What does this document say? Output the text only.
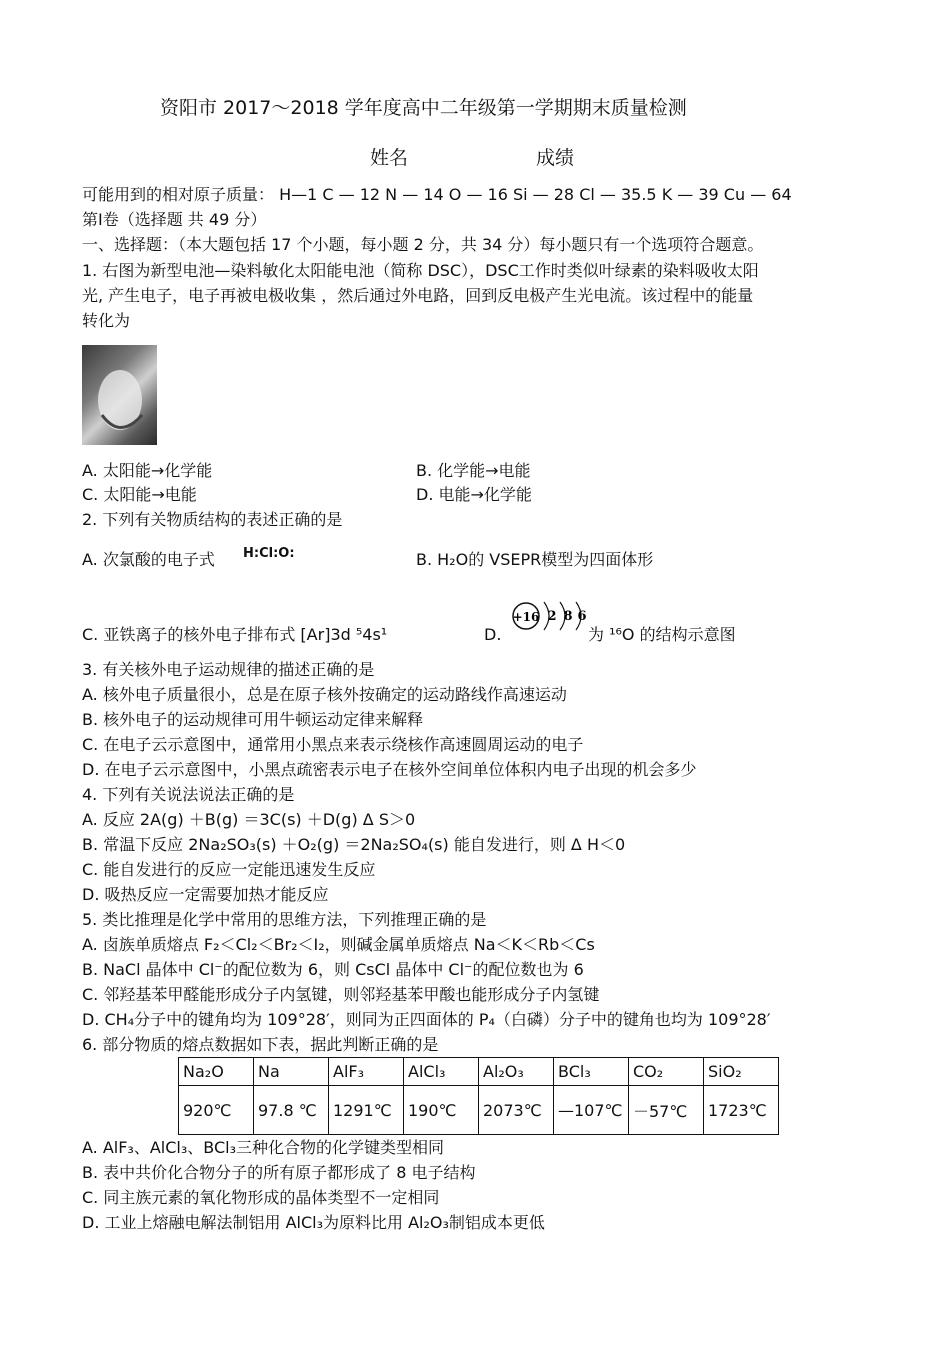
资阳市 2017～2018 学年度高中二年级第一学期期末质量检测
姓名	成绩
可能用到的相对原子质量： H—1 C — 12 N — 14 O — 16 Si — 28 Cl — 35.5 K — 39 Cu — 64
第Ⅰ卷（选择题 共 49 分）
一、选择题：（本大题包括 17 个小题，每小题 2 分，共 34 分）每小题只有一个选项符合题意。
1. 右图为新型电池—染料敏化太阳能电池（简称 DSC），DSC工作时类似叶绿素的染料吸收太阳
光, 产生电子，电子再被电极收集 ，然后通过外电路，回到反电极产生光电流。该过程中的能量
转化为
A. 太阳能→化学能	B. 化学能→电能
C. 太阳能→电能	D. 电能→化学能
2. 下列有关物质结构的表述正确的是
A. 次氯酸的电子式 H:Cl:O:	B. H₂O的 VSEPR模型为四面体形
C. 亚铁离子的核外电子排布式 [Ar]3d ⁵4s¹	D.
+16 2 8 6
为 ¹⁶O 的结构示意图
3. 有关核外电子运动规律的描述正确的是
A. 核外电子质量很小，总是在原子核外按确定的运动路线作高速运动
B. 核外电子的运动规律可用牛顿运动定律来解释
C. 在电子云示意图中，通常用小黑点来表示绕核作高速圆周运动的电子
D. 在电子云示意图中，小黑点疏密表示电子在核外空间单位体积内电子出现的机会多少
4. 下列有关说法说法正确的是
A. 反应 2A(g) ＋B(g) ＝3C(s) ＋D(g) Δ S＞0
B. 常温下反应 2Na₂SO₃(s) ＋O₂(g) ＝2Na₂SO₄(s) 能自发进行，则 Δ H＜0
C. 能自发进行的反应一定能迅速发生反应
D. 吸热反应一定需要加热才能反应
5. 类比推理是化学中常用的思维方法，下列推理正确的是
A. 卤族单质熔点 F₂＜Cl₂＜Br₂＜I₂，则碱金属单质熔点 Na＜K＜Rb＜Cs
B. NaCl 晶体中 Cl⁻的配位数为 6，则 CsCl 晶体中 Cl⁻的配位数也为 6
C. 邻羟基苯甲醛能形成分子内氢键，则邻羟基苯甲酸也能形成分子内氢键
D. CH₄分子中的键角均为 109°28′，则同为正四面体的 P₄（白磷）分子中的键角也均为 109°28′
6. 部分物质的熔点数据如下表，据此判断正确的是
Na₂O	Na	AlF₃	AlCl₃	Al₂O₃	BCl₃	CO₂	SiO₂
920℃	97.8 ℃	1291℃	190℃	2073℃	—107℃	－57℃	1723℃
A. AlF₃、AlCl₃、BCl₃三种化合物的化学键类型相同
B. 表中共价化合物分子的所有原子都形成了 8 电子结构
C. 同主族元素的氧化物形成的晶体类型不一定相同
D. 工业上熔融电解法制铝用 AlCl₃为原料比用 Al₂O₃制铝成本更低
